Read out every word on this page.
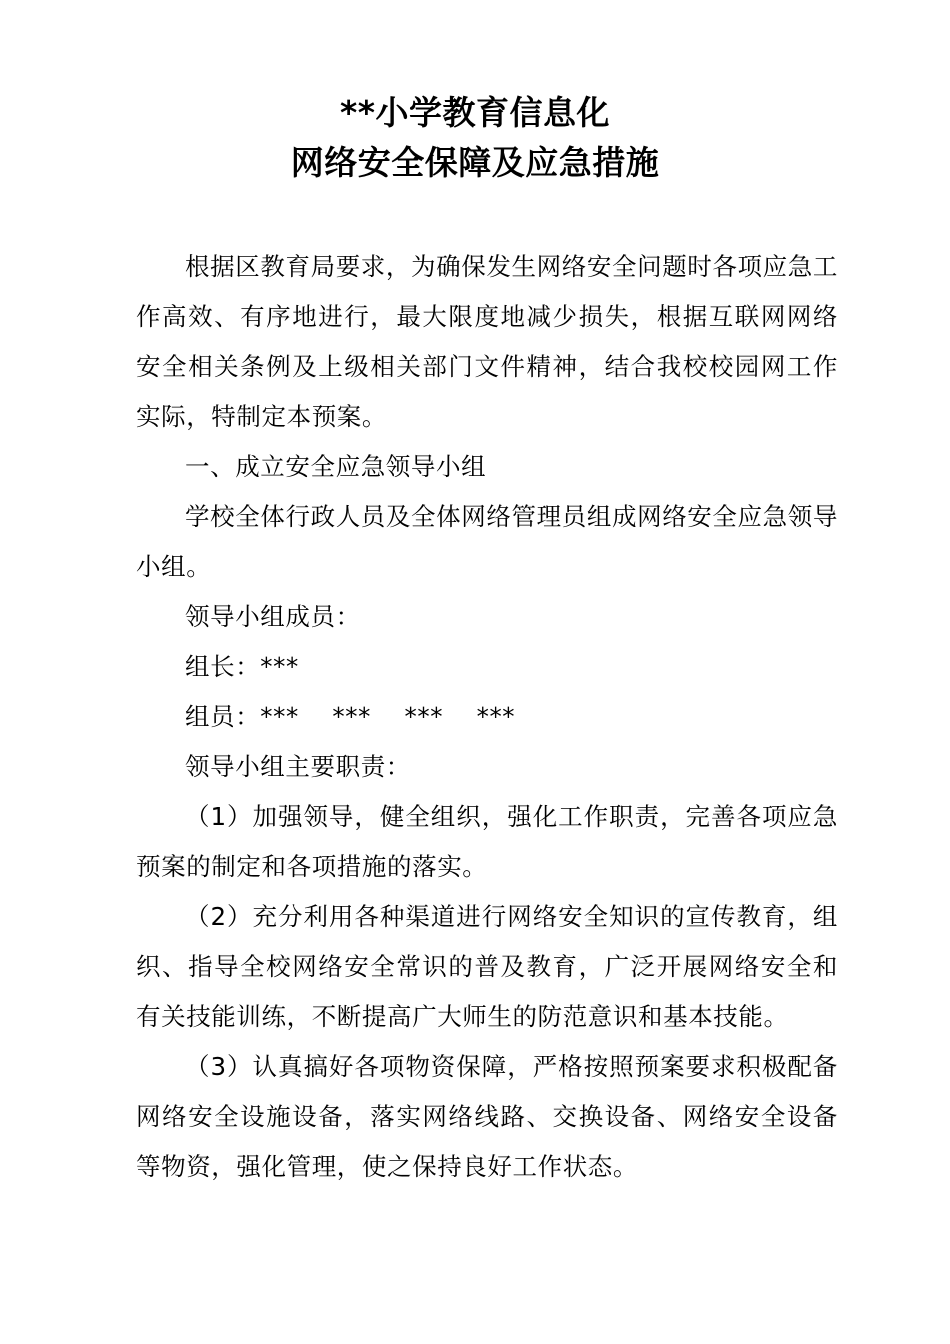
**小学教育信息化
网络安全保障及应急措施

根据区教育局要求，为确保发生网络安全问题时各项应急工作高效、有序地进行，最大限度地减少损失，根据互联网网络安全相关条例及上级相关部门文件精神，结合我校校园网工作实际，特制定本预案。

一、成立安全应急领导小组

学校全体行政人员及全体网络管理员组成网络安全应急领导小组。

领导小组成员：

组长：***

组员：***    ***    ***    ***

领导小组主要职责：

（1）加强领导，健全组织，强化工作职责，完善各项应急预案的制定和各项措施的落实。

（2）充分利用各种渠道进行网络安全知识的宣传教育，组织、指导全校网络安全常识的普及教育，广泛开展网络安全和有关技能训练，不断提高广大师生的防范意识和基本技能。

（3）认真搞好各项物资保障，严格按照预案要求积极配备网络安全设施设备，落实网络线路、交换设备、网络安全设备等物资，强化管理，使之保持良好工作状态。
